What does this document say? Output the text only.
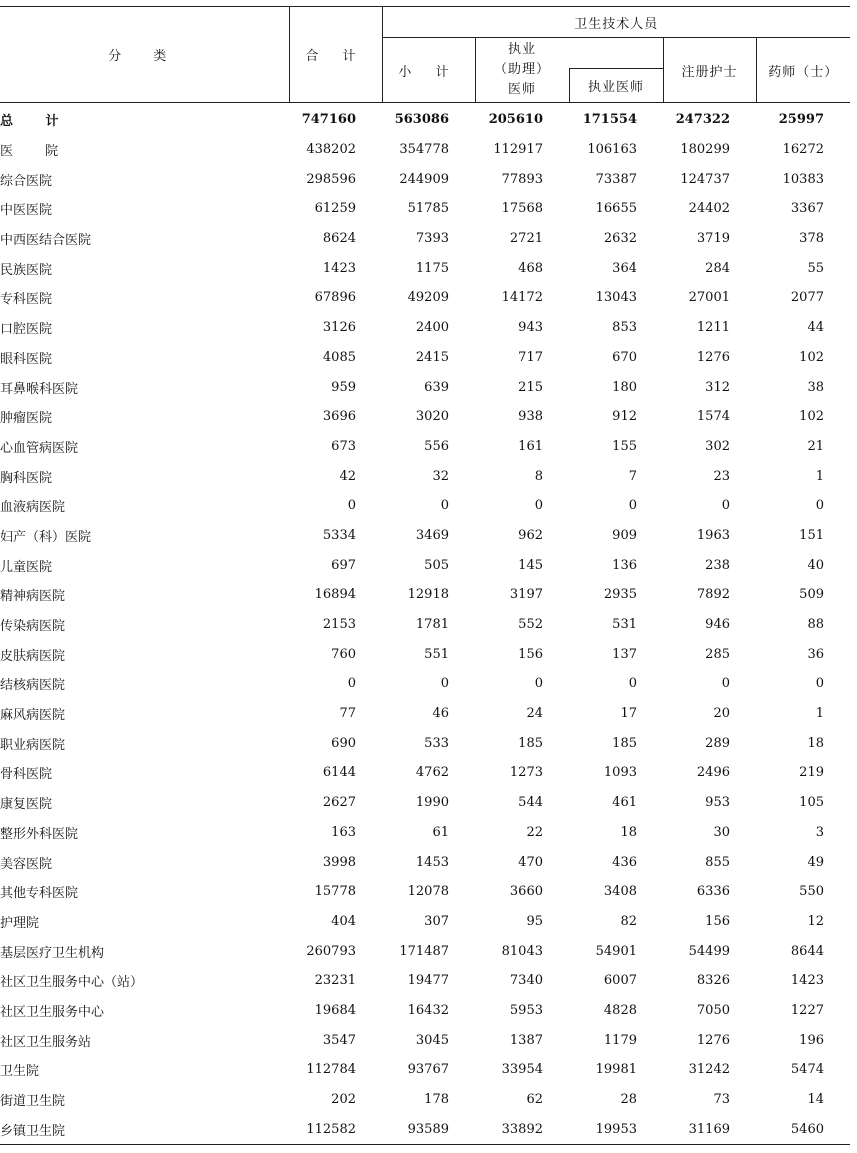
分 类	合 计	卫生技术人员				
		小 计	执业
（助理）
医师		注册护士	药师（士）
				执业医师		
总 计	747160	563086	205610	171554	247322	25997
医 院	438202	354778	112917	106163	180299	16272
综合医院	298596	244909	77893	73387	124737	10383
中医医院	61259	51785	17568	16655	24402	3367
中西医结合医院	8624	7393	2721	2632	3719	378
民族医院	1423	1175	468	364	284	55
专科医院	67896	49209	14172	13043	27001	2077
口腔医院	3126	2400	943	853	1211	44
眼科医院	4085	2415	717	670	1276	102
耳鼻喉科医院	959	639	215	180	312	38
肿瘤医院	3696	3020	938	912	1574	102
心血管病医院	673	556	161	155	302	21
胸科医院	42	32	8	7	23	1
血液病医院	0	0	0	0	0	0
妇产（科）医院	5334	3469	962	909	1963	151
儿童医院	697	505	145	136	238	40
精神病医院	16894	12918	3197	2935	7892	509
传染病医院	2153	1781	552	531	946	88
皮肤病医院	760	551	156	137	285	36
结核病医院	0	0	0	0	0	0
麻风病医院	77	46	24	17	20	1
职业病医院	690	533	185	185	289	18
骨科医院	6144	4762	1273	1093	2496	219
康复医院	2627	1990	544	461	953	105
整形外科医院	163	61	22	18	30	3
美容医院	3998	1453	470	436	855	49
其他专科医院	15778	12078	3660	3408	6336	550
护理院	404	307	95	82	156	12
基层医疗卫生机构	260793	171487	81043	54901	54499	8644
社区卫生服务中心（站）	23231	19477	7340	6007	8326	1423
社区卫生服务中心	19684	16432	5953	4828	7050	1227
社区卫生服务站	3547	3045	1387	1179	1276	196
卫生院	112784	93767	33954	19981	31242	5474
街道卫生院	202	178	62	28	73	14
乡镇卫生院	112582	93589	33892	19953	31169	5460
